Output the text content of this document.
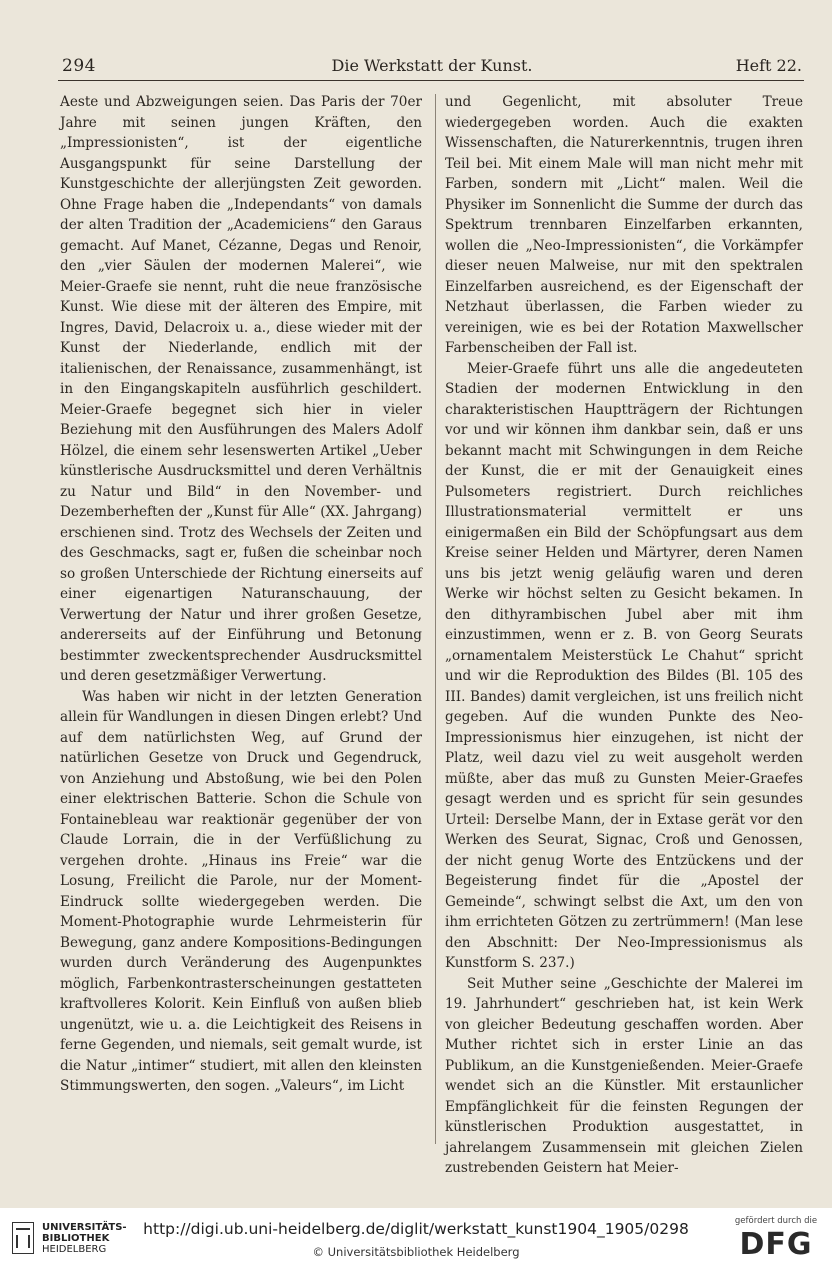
294	Die Werkstatt der Kunst.	Heft 22.

Aeste und Abzweigungen seien. Das Paris der 70er Jahre mit seinen jungen Kräften, den „Impressionisten“, ist der eigentliche Ausgangspunkt für seine Darstellung der Kunstgeschichte der allerjüngsten Zeit geworden. Ohne Frage haben die „Independants“ von damals der alten Tradition der „Academiciens“ den Garaus gemacht. Auf Manet, Cézanne, Degas und Renoir, den „vier Säulen der modernen Malerei“, wie Meier-Graefe sie nennt, ruht die neue französische Kunst. Wie diese mit der älteren des Empire, mit Ingres, David, Delacroix u. a., diese wieder mit der Kunst der Niederlande, endlich mit der italienischen, der Renaissance, zusammenhängt, ist in den Eingangskapiteln ausführlich geschildert. Meier-Graefe begegnet sich hier in vieler Beziehung mit den Ausführungen des Malers Adolf Hölzel, die einem sehr lesenswerten Artikel „Ueber künstlerische Ausdrucksmittel und deren Verhältnis zu Natur und Bild“ in den November- und Dezemberheften der „Kunst für Alle“ (XX. Jahrgang) erschienen sind. Trotz des Wechsels der Zeiten und des Geschmacks, sagt er, fußen die scheinbar noch so großen Unterschiede der Richtung einerseits auf einer eigenartigen Naturanschauung, der Verwertung der Natur und ihrer großen Gesetze, andererseits auf der Einführung und Betonung bestimmter zweckentsprechender Ausdrucksmittel und deren gesetzmäßiger Verwertung.

Was haben wir nicht in der letzten Generation allein für Wandlungen in diesen Dingen erlebt? Und auf dem natürlichsten Weg, auf Grund der natürlichen Gesetze von Druck und Gegendruck, von Anziehung und Abstoßung, wie bei den Polen einer elektrischen Batterie. Schon die Schule von Fontainebleau war reaktionär gegenüber der von Claude Lorrain, die in der Verfüßlichung zu vergehen drohte. „Hinaus ins Freie“ war die Losung, Freilicht die Parole, nur der Moment-Eindruck sollte wiedergegeben werden. Die Moment-Photographie wurde Lehrmeisterin für Bewegung, ganz andere Kompositions-Bedingungen wurden durch Veränderung des Augenpunktes möglich, Farbenkontrasterscheinungen gestatteten kraftvolleres Kolorit. Kein Einfluß von außen blieb ungenützt, wie u. a. die Leichtigkeit des Reisens in ferne Gegenden, und niemals, seit gemalt wurde, ist die Natur „intimer“ studiert, mit allen den kleinsten Stimmungswerten, den sogen. „Valeurs“, im Licht

und Gegenlicht, mit absoluter Treue wiedergegeben worden. Auch die exakten Wissenschaften, die Naturerkenntnis, trugen ihren Teil bei. Mit einem Male will man nicht mehr mit Farben, sondern mit „Licht“ malen. Weil die Physiker im Sonnenlicht die Summe der durch das Spektrum trennbaren Einzelfarben erkannten, wollen die „Neo-Impressionisten“, die Vorkämpfer dieser neuen Malweise, nur mit den spektralen Einzelfarben ausreichend, es der Eigenschaft der Netzhaut überlassen, die Farben wieder zu vereinigen, wie es bei der Rotation Maxwellscher Farbenscheiben der Fall ist.

Meier-Graefe führt uns alle die angedeuteten Stadien der modernen Entwicklung in den charakteristischen Hauptträgern der Richtungen vor und wir können ihm dankbar sein, daß er uns bekannt macht mit Schwingungen in dem Reiche der Kunst, die er mit der Genauigkeit eines Pulsometers registriert. Durch reichliches Illustrationsmaterial vermittelt er uns einigermaßen ein Bild der Schöpfungsart aus dem Kreise seiner Helden und Märtyrer, deren Namen uns bis jetzt wenig geläufig waren und deren Werke wir höchst selten zu Gesicht bekamen. In den dithyrambischen Jubel aber mit ihm einzustimmen, wenn er z. B. von Georg Seurats „ornamentalem Meisterstück Le Chahut“ spricht und wir die Reproduktion des Bildes (Bl. 105 des III. Bandes) damit vergleichen, ist uns freilich nicht gegeben. Auf die wunden Punkte des Neo-Impressionismus hier einzugehen, ist nicht der Platz, weil dazu viel zu weit ausgeholt werden müßte, aber das muß zu Gunsten Meier-Graefes gesagt werden und es spricht für sein gesundes Urteil: Derselbe Mann, der in Extase gerät vor den Werken des Seurat, Signac, Croß und Genossen, der nicht genug Worte des Entzückens und der Begeisterung findet für die „Apostel der Gemeinde“, schwingt selbst die Axt, um den von ihm errichteten Götzen zu zertrümmern! (Man lese den Abschnitt: Der Neo-Impressionismus als Kunstform S. 237.)

Seit Muther seine „Geschichte der Malerei im 19. Jahrhundert“ geschrieben hat, ist kein Werk von gleicher Bedeutung geschaffen worden. Aber Muther richtet sich in erster Linie an das Publikum, an die Kunstgenießenden. Meier-Graefe wendet sich an die Künstler. Mit erstaunlicher Empfänglichkeit für die feinsten Regungen der künstlerischen Produktion ausgestattet, in jahrelangem Zusammensein mit gleichen Zielen zustrebenden Geistern hat Meier-

UNIVERSITÄTS-
BIBLIOTHEK
HEIDELBERG
http://digi.ub.uni-heidelberg.de/diglit/werkstatt_kunst1904_1905/0298
© Universitätsbibliothek Heidelberg
gefördert durch die
DFG
